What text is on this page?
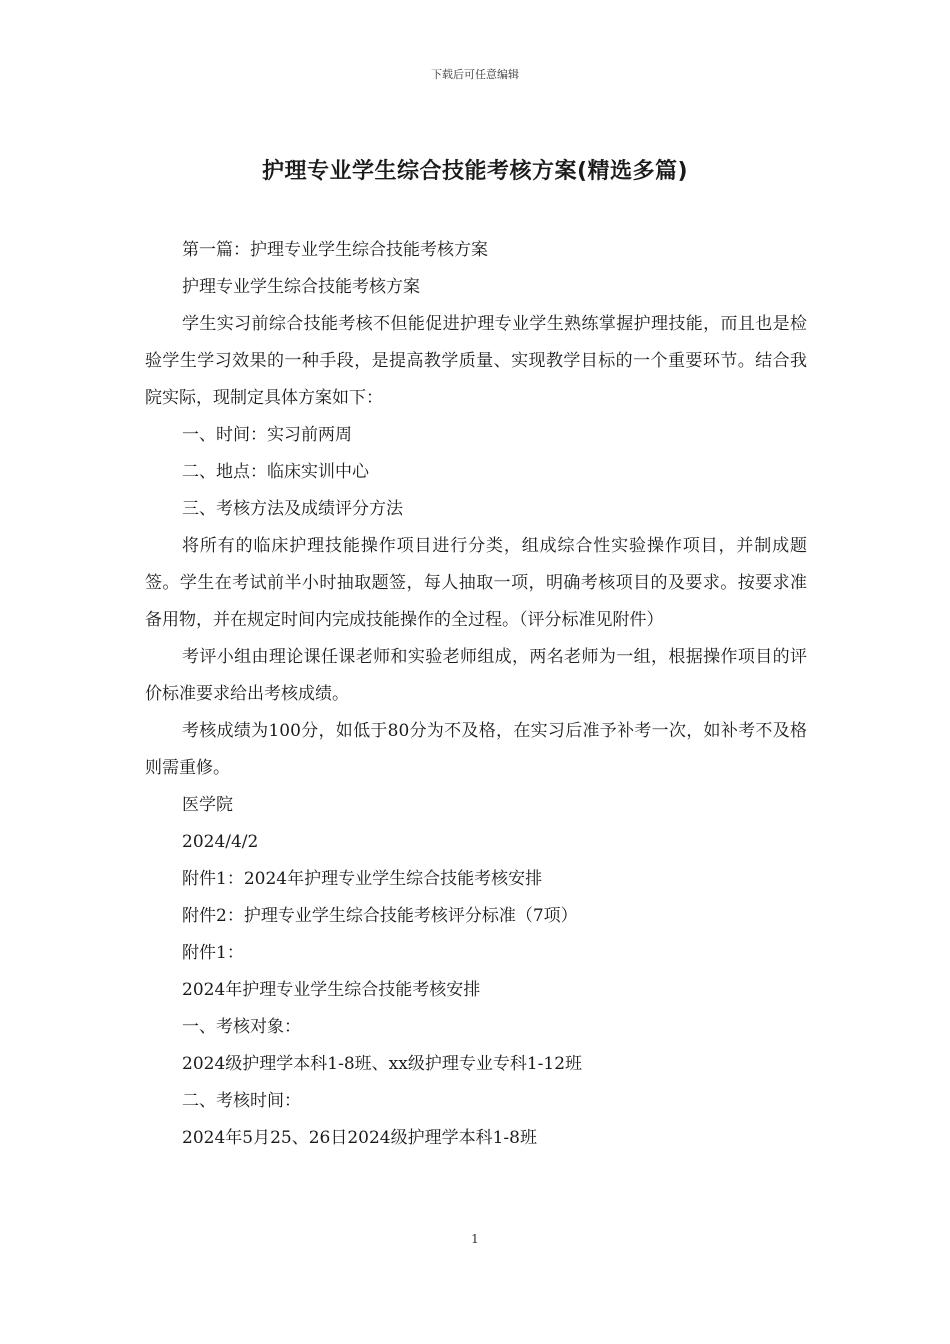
下载后可任意编辑
护理专业学生综合技能考核方案(精选多篇)

第一篇：护理专业学生综合技能考核方案

护理专业学生综合技能考核方案

学生实习前综合技能考核不但能促进护理专业学生熟练掌握护理技能，而且也是检验学生学习效果的一种手段，是提高教学质量、实现教学目标的一个重要环节。结合我院实际，现制定具体方案如下：

一、时间：实习前两周

二、地点：临床实训中心

三、考核方法及成绩评分方法

将所有的临床护理技能操作项目进行分类，组成综合性实验操作项目，并制成题签。学生在考试前半小时抽取题签，每人抽取一项，明确考核项目的及要求。按要求准备用物，并在规定时间内完成技能操作的全过程。（评分标准见附件）

考评小组由理论课任课老师和实验老师组成，两名老师为一组，根据操作项目的评价标准要求给出考核成绩。

考核成绩为100分，如低于80分为不及格，在实习后准予补考一次，如补考不及格则需重修。

医学院

2024/4/2

附件1：2024年护理专业学生综合技能考核安排

附件2：护理专业学生综合技能考核评分标准（7项）

附件1：

2024年护理专业学生综合技能考核安排

一、考核对象：

2024级护理学本科1-8班、xx级护理专业专科1-12班

二、考核时间：

2024年5月25、26日2024级护理学本科1-8班

1
